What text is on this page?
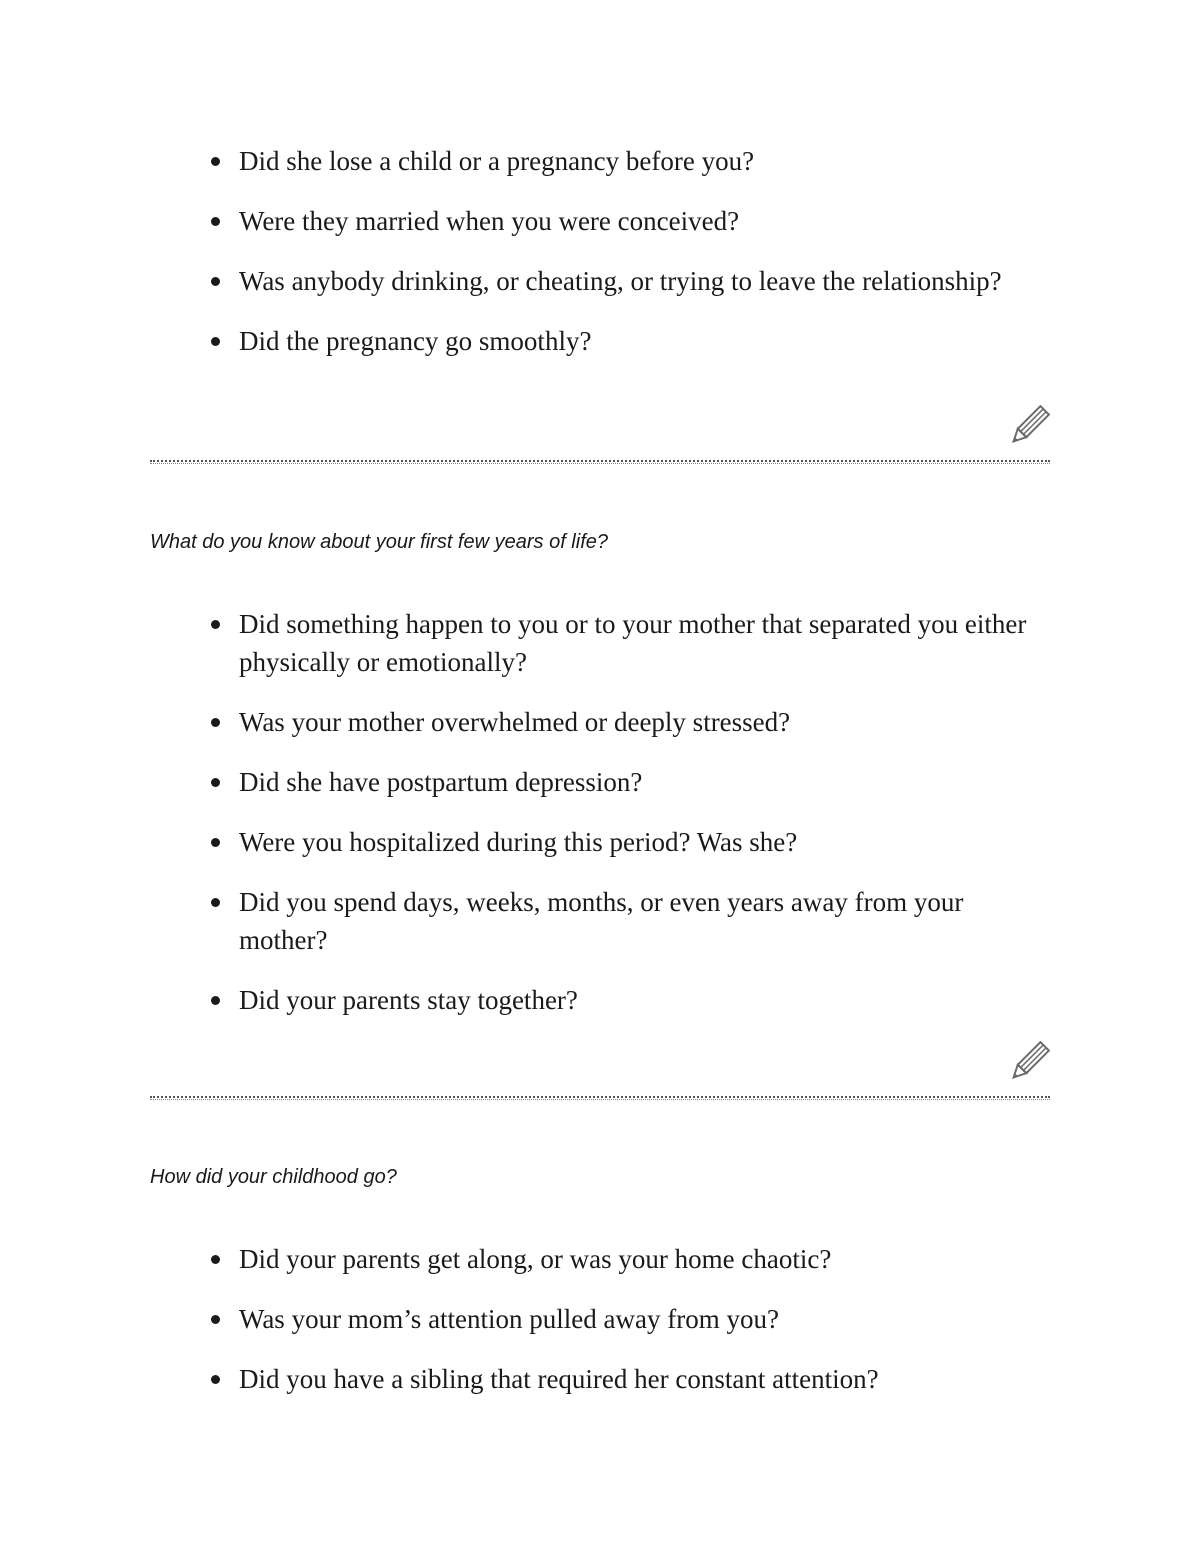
Did she lose a child or a pregnancy before you?
Were they married when you were conceived?
Was anybody drinking, or cheating, or trying to leave the relationship?
Did the pregnancy go smoothly?
What do you know about your first few years of life?
Did something happen to you or to your mother that separated you either physically or emotionally?
Was your mother overwhelmed or deeply stressed?
Did she have postpartum depression?
Were you hospitalized during this period? Was she?
Did you spend days, weeks, months, or even years away from your mother?
Did your parents stay together?
How did your childhood go?
Did your parents get along, or was your home chaotic?
Was your mom’s attention pulled away from you?
Did you have a sibling that required her constant attention?
